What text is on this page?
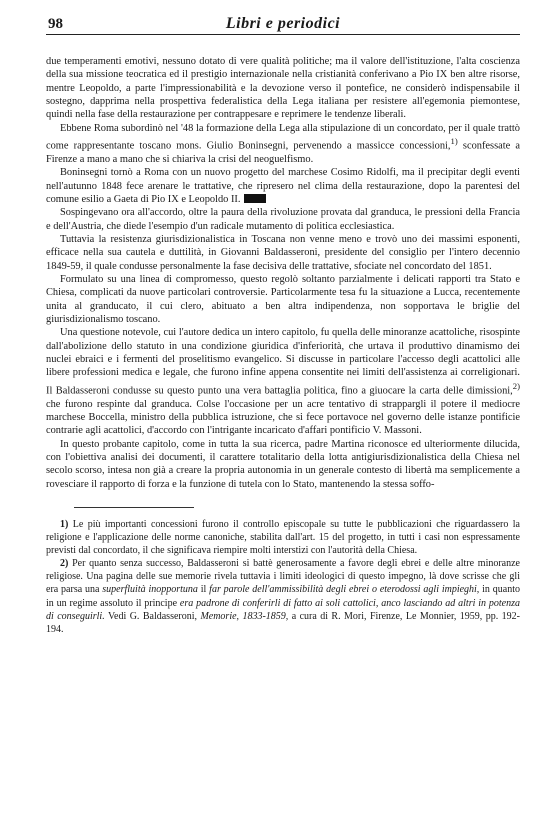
98	Libri e periodici

due temperamenti emotivi, nessuno dotato di vere qualità politiche; ma il valore dell'istituzione, l'alta coscienza della sua missione teocratica ed il prestigio internazionale nella cristianità conferivano a Pio IX ben altre risorse, mentre Leopoldo, a parte l'impressionabilità e la devozione verso il pontefice, ne considerò indispensabile il sostegno, dapprima nella prospettiva federalistica della Lega italiana per resistere all'egemonia piemontese, quindi nella fase della restaurazione per contrappesare e reprimere le tendenze liberali.

Ebbene Roma subordinò nel '48 la formazione della Lega alla stipulazione di un concordato, per il quale trattò come rappresentante toscano mons. Giulio Boninsegni, pervenendo a massicce concessioni,$^{1)}$ sconfessate a Firenze a mano a mano che si chiariva la crisi del neoguelfismo.

Boninsegni tornò a Roma con un nuovo progetto del marchese Cosimo Ridolfi, ma il precipitar degli eventi nell'autunno 1848 fece arenare le trattative, che ripresero nel clima della restaurazione, dopo la parentesi del comune esilio a Gaeta di Pio IX e Leopoldo II.

Sospingevano ora all'accordo, oltre la paura della rivoluzione provata dal granduca, le pressioni della Francia e dell'Austria, che diede l'esempio d'un radicale mutamento di politica ecclesiastica.

Tuttavia la resistenza giurisdizionalistica in Toscana non venne meno e trovò uno dei massimi esponenti, efficace nella sua cautela e duttilità, in Giovanni Baldasseroni, presidente del consiglio per l'intero decennio 1849-59, il quale condusse personalmente la fase decisiva delle trattative, sfociate nel concordato del 1851.

Formulato su una linea di compromesso, questo regolò soltanto parzialmente i delicati rapporti tra Stato e Chiesa, complicati da nuove particolari controversie. Particolarmente tesa fu la situazione a Lucca, recentemente unita al granducato, il cui clero, abituato a ben altra indipendenza, non sopportava le briglie del giurisdizionalismo toscano.

Una questione notevole, cui l'autore dedica un intero capitolo, fu quella delle minoranze acattoliche, risospinte dall'abolizione dello statuto in una condizione giuridica d'inferiorità, che urtava il produttivo dinamismo dei nuclei ebraici e i fermenti del proselitismo evangelico. Si discusse in particolare l'accesso degli acattolici alle libere professioni medica e legale, che furono infine appena consentite nei limiti dell'assistenza ai correligionari. Il Baldasseroni condusse su questo punto una vera battaglia politica, fino a giuocare la carta delle dimissioni,$^{2)}$ che furono respinte dal granduca. Colse l'occasione per un acre tentativo di strappargli il potere il mediocre marchese Boccella, ministro della pubblica istruzione, che si fece portavoce nel governo delle istanze pontificie contrarie agli acattolici, d'accordo con l'intrigante incaricato d'affari pontificio V. Massoni.

In questo probante capitolo, come in tutta la sua ricerca, padre Martina riconosce ed ulteriormente dilucida, con l'obiettiva analisi dei documenti, il carattere totalitario della lotta antigiurisdizionalistica della Chiesa nel secolo scorso, intesa non già a creare la propria autonomia in un generale contesto di libertà ma semplicemente a rovesciare il rapporto di forza e la funzione di tutela con lo Stato, mantenendo la stessa soffo-

1) Le più importanti concessioni furono il controllo episcopale su tutte le pubblicazioni che riguardassero la religione e l'applicazione delle norme canoniche, stabilita dall'art. 15 del progetto, in tutti i casi non espressamente previsti dal concordato, il che significava riempire molti interstizi con l'autorità della Chiesa.

2) Per quanto senza successo, Baldasseroni si battè generosamente a favore degli ebrei e delle altre minoranze religiose. Una pagina delle sue memorie rivela tuttavia i limiti ideologici di questo impegno, là dove scrisse che gli era parsa una superfluità inopportuna il far parole dell'ammissibilità degli ebrei o eterodossi agli impieghi, in quanto in un regime assoluto il principe era padrone di conferirli di fatto ai soli cattolici, anco lasciando ad altri in potenza di conseguirli. Vedi G. Baldasseroni, Memorie, 1833-1859, a cura di R. Mori, Firenze, Le Monnier, 1959, pp. 192-194.
